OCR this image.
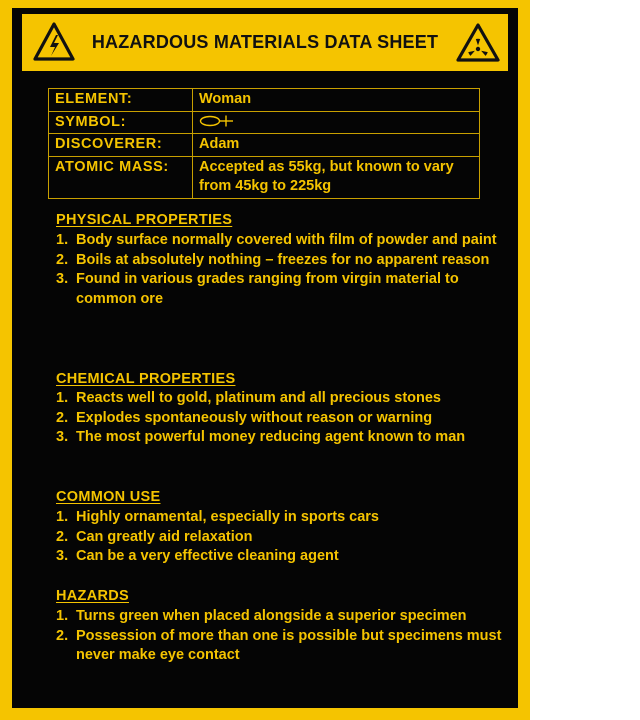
HAZARDOUS MATERIALS DATA SHEET
ELEMENT:	Woman
SYMBOL:	
DISCOVERER:	Adam
ATOMIC MASS:	Accepted as 55kg, but known to vary from 45kg to 225kg
PHYSICAL PROPERTIES
1. Body surface normally covered with film of powder and paint
2. Boils at absolutely nothing – freezes for no apparent reason
3. Found in various grades ranging from virgin material to common ore
CHEMICAL PROPERTIES
1. Reacts well to gold, platinum and all precious stones
2. Explodes spontaneously without reason or warning
3. The most powerful money reducing agent known to man
COMMON USE
1. Highly ornamental, especially in sports cars
2. Can greatly aid relaxation
3. Can be a very effective cleaning agent
HAZARDS
1. Turns green when placed alongside a superior specimen
2. Possession of more than one is possible but specimens must never make eye contact
